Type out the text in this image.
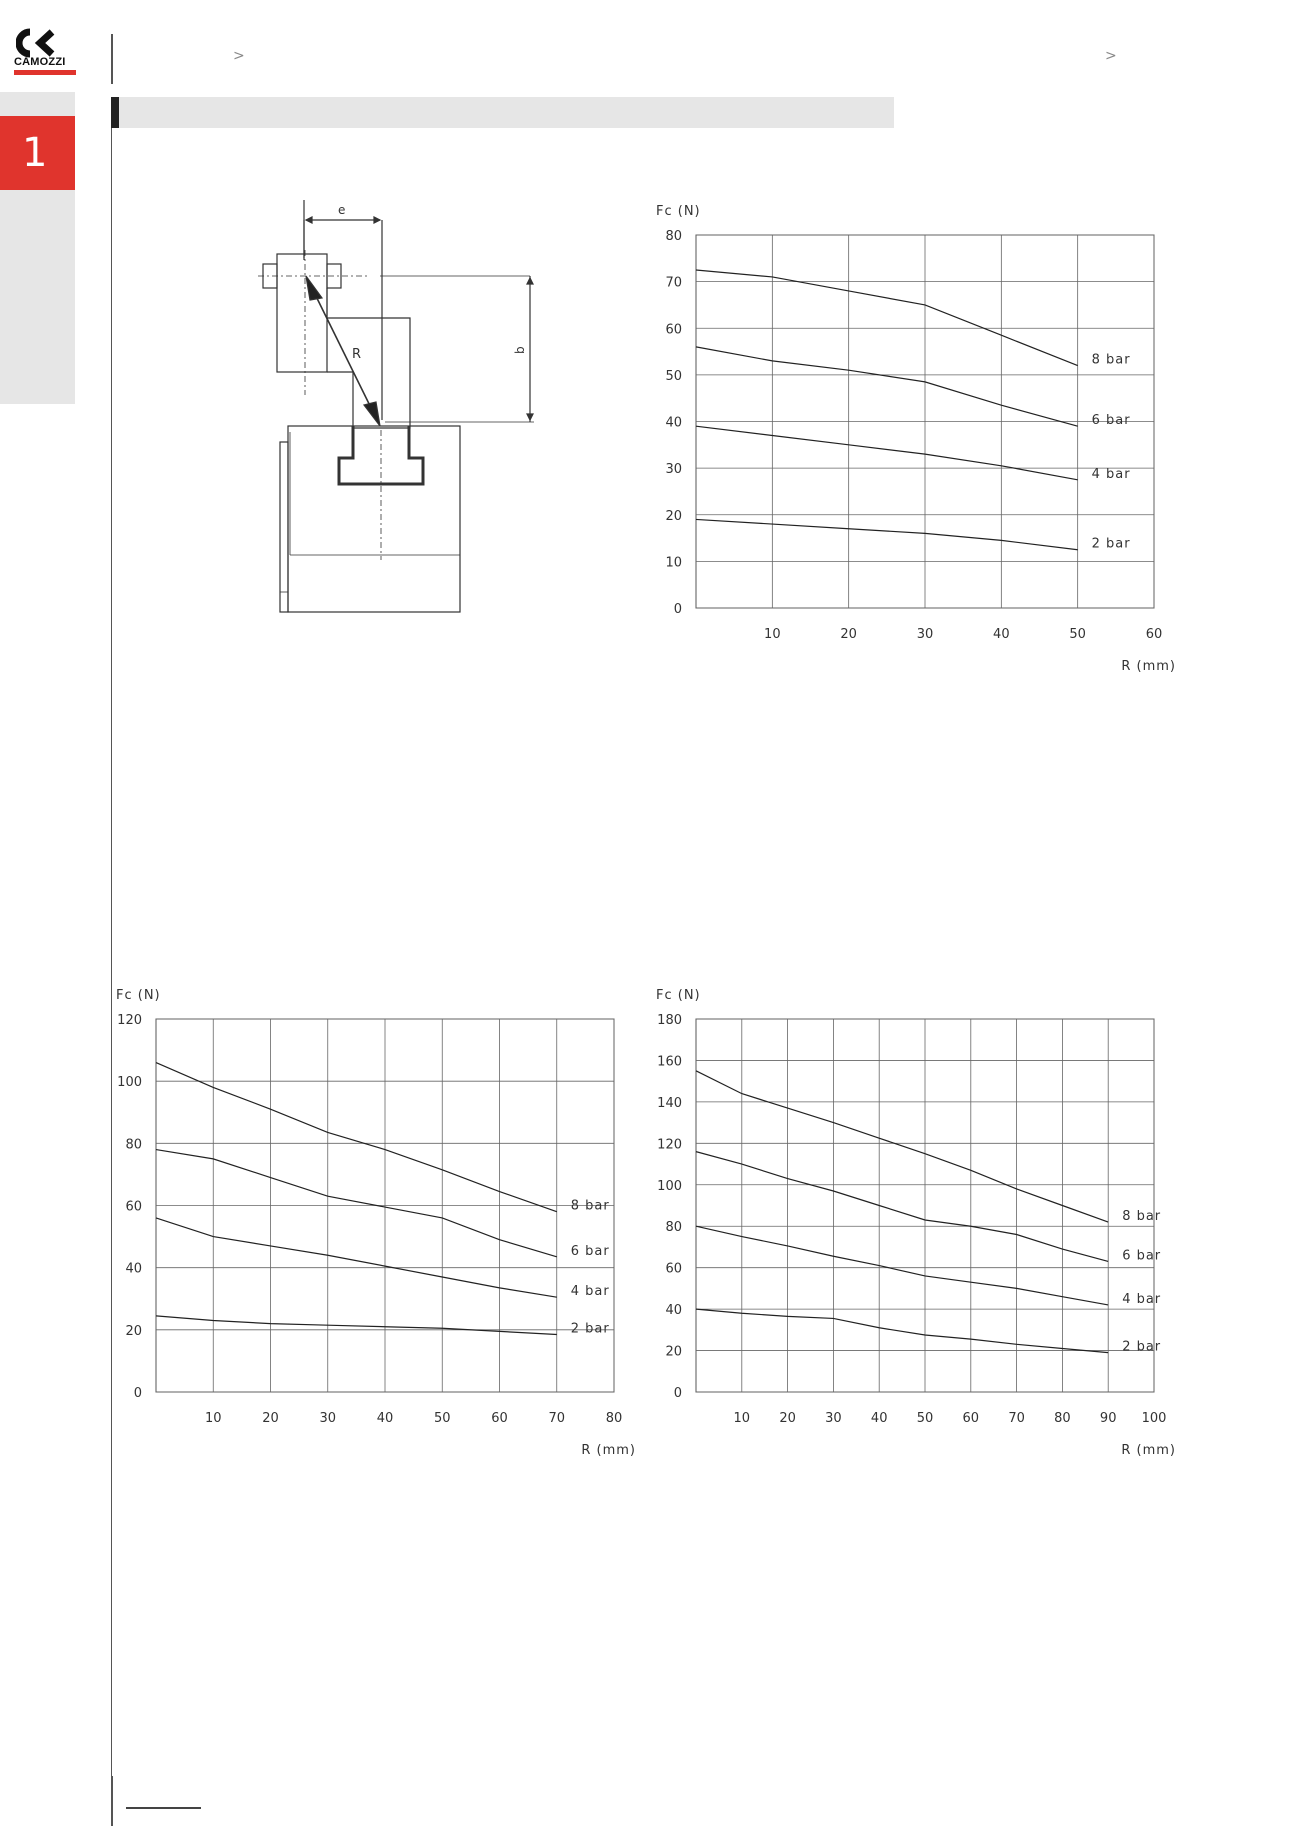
CAMOZZI	>	>
1
e
R	b
0
10
20
30
40
50
60
70
80
10	20	30	40	50	60
Fc (N)
R (mm)
8 bar
6 bar
4 bar
2 bar
0
20
40
60
80
100
120
10	20	30	40	50	60	70	80
Fc (N)
R (mm)
8 bar
6 bar
4 bar
2 bar
0
20
40
60
80
100
120
140
160
180
10 20 30 40 50 60 70 80 90 100
Fc (N)
R (mm)
8 bar
6 bar
4 bar
2 bar
